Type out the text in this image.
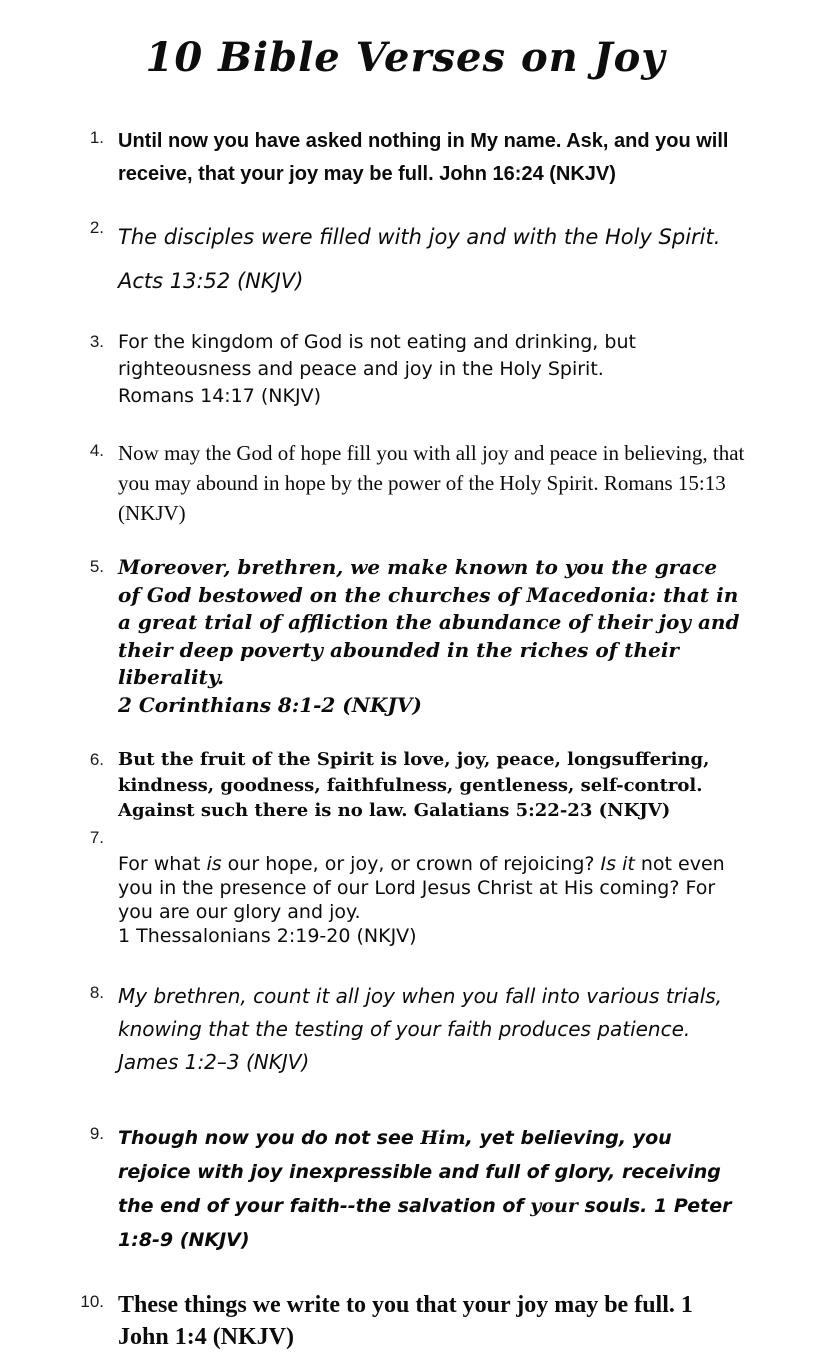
10 Bible Verses on Joy
1. Until now you have asked nothing in My name. Ask, and you will receive, that your joy may be full. John 16:24 (NKJV)
2. The disciples were filled with joy and with the Holy Spirit.
Acts 13:52 (NKJV)
3. For the kingdom of God is not eating and drinking, but righteousness and peace and joy in the Holy Spirit.
Romans 14:17 (NKJV)
4. Now may the God of hope fill you with all joy and peace in believing, that you may abound in hope by the power of the Holy Spirit. Romans 15:13 (NKJV)
5. Moreover, brethren, we make known to you the grace of God bestowed on the churches of Macedonia: that in a great trial of affliction the abundance of their joy and their deep poverty abounded in the riches of their liberality.
2 Corinthians 8:1-2 (NKJV)
6. But the fruit of the Spirit is love, joy, peace, longsuffering, kindness, goodness, faithfulness, gentleness, self-control. Against such there is no law. Galatians 5:22-23 (NKJV)
7.
For what is our hope, or joy, or crown of rejoicing? Is it not even you in the presence of our Lord Jesus Christ at His coming? For you are our glory and joy.
1 Thessalonians 2:19-20 (NKJV)
8. My brethren, count it all joy when you fall into various trials, knowing that the testing of your faith produces patience. James 1:2–3 (NKJV)
9. Though now you do not see Him, yet believing, you rejoice with joy inexpressible and full of glory, receiving the end of your faith--the salvation of your souls. 1 Peter 1:8-9 (NKJV)
10. These things we write to you that your joy may be full. 1 John 1:4 (NKJV)
